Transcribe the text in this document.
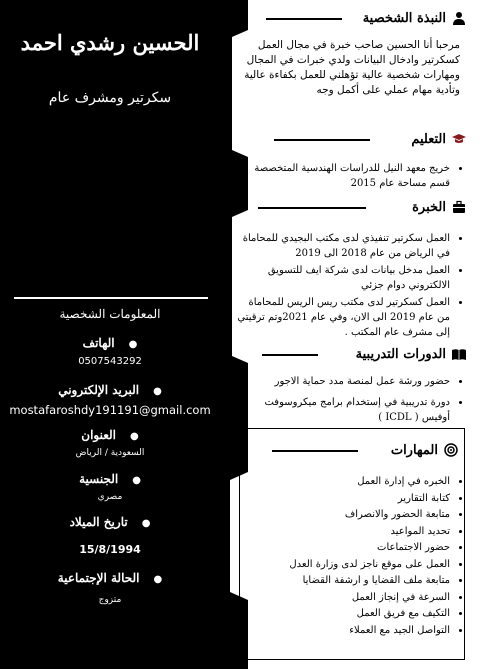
الحسين رشدي احمد
سكرتير ومشرف عام
المعلومات الشخصية
●الهاتف
0507543292
●البريد الإلكتروني
mostafaroshdy191191@gmail.com
●العنوان
السعودية / الرياض
●الجنسية
مصري
●تاريخ الميلاد
15/8/1994
●الحالة الإجتماعية
متزوج
النبذة الشخصية
مرحبا أنا الحسين صاحب خبرة في مجال العمل كسكرتير وادخال البيانات ولدي خبرات في المجال ومهارات شخصية عالية تؤهلني للعمل بكفاءة عالية وتأدية مهام عملي على أكمل وجه
التعليم
• خريج معهد النيل للدراسات الهندسية المتخصصة قسم مساحة عام 2015
الخبرة
• العمل سكرتير تنفيذي لدى مكتب البجيدي للمحاماة في الرياض من عام 2018 الى 2019
• العمل مدخل بيانات لدى شركة ايف للتسويق الالكتروني دوام جزئي
• العمل كسكرتير لدى مكتب ريس الريس للمحاماة من عام 2019 الى الان، وفي عام 2021وتم ترقيتي إلى مشرف عام المكتب .
الدورات التدريبية
• حضور ورشة عمل لمنصة مدد حماية الاجور
• دورة تدريبية في إستخدام برامج ميكروسوفت أوفيس ( ICDL )
المهارات
• الخبره في إدارة العمل
• كتابة التقارير
• متابعة الحضور والانصراف
• تحديد المواعيد
• حضور الاجتماعات
• العمل على موقع ناجز لدى وزارة العدل
• متابعة ملف القضايا و ارشفة القضايا
• السرعة في إنجاز العمل
• التكيف مع فريق العمل
• التواصل الجيد مع العملاء
